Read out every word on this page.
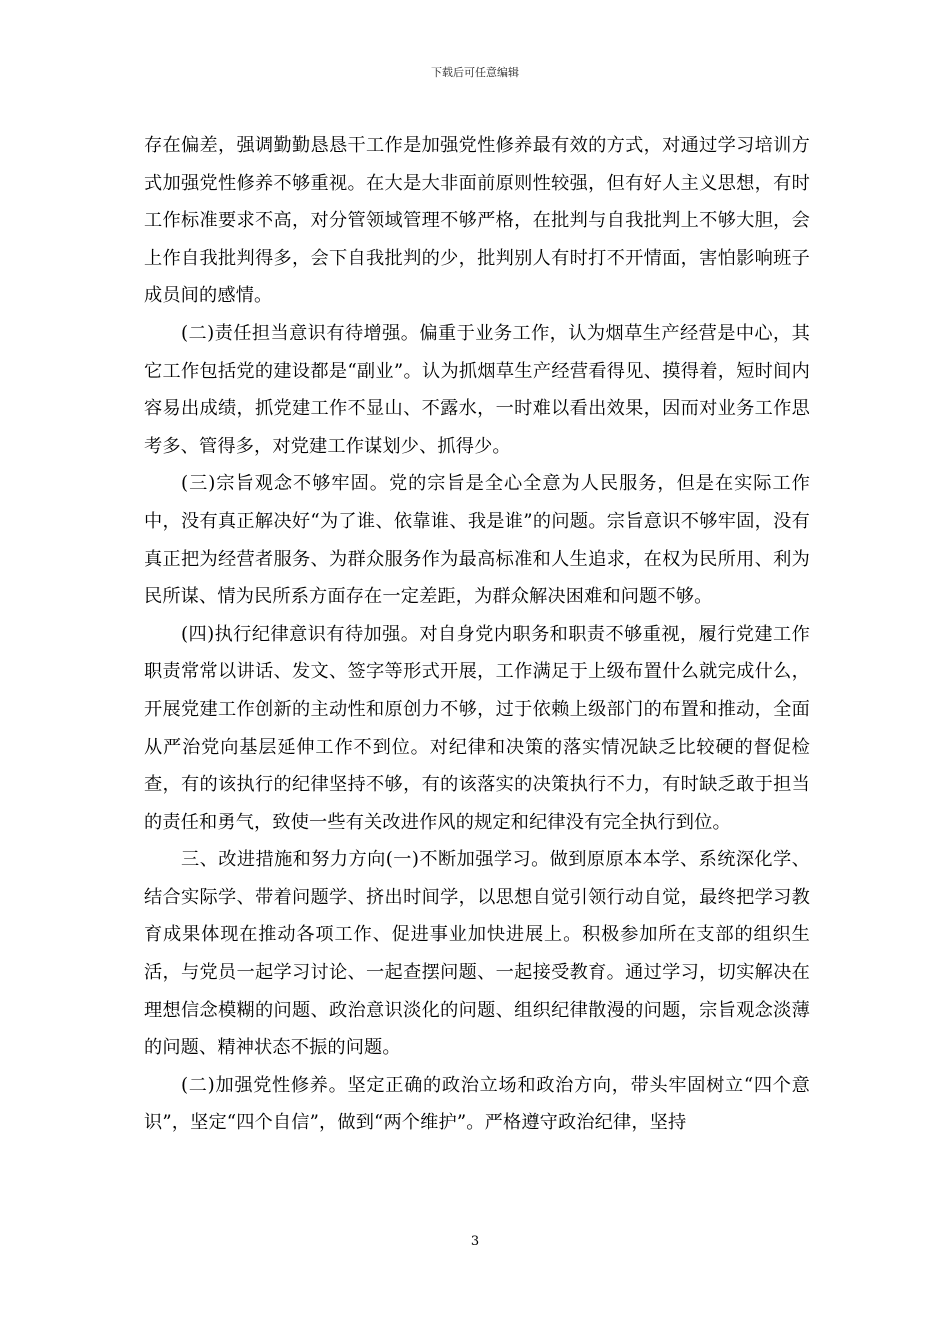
下载后可任意编辑

存在偏差，强调勤勤恳恳干工作是加强党性修养最有效的方式，对通过学习培训方式加强党性修养不够重视。在大是大非面前原则性较强，但有好人主义思想，有时工作标准要求不高，对分管领域管理不够严格，在批判与自我批判上不够大胆，会上作自我批判得多，会下自我批判的少，批判别人有时打不开情面，害怕影响班子成员间的感情。

(二)责任担当意识有待增强。偏重于业务工作，认为烟草生产经营是中心，其它工作包括党的建设都是“副业”。认为抓烟草生产经营看得见、摸得着，短时间内容易出成绩，抓党建工作不显山、不露水，一时难以看出效果，因而对业务工作思考多、管得多，对党建工作谋划少、抓得少。

(三)宗旨观念不够牢固。党的宗旨是全心全意为人民服务，但是在实际工作中，没有真正解决好“为了谁、依靠谁、我是谁”的问题。宗旨意识不够牢固，没有真正把为经营者服务、为群众服务作为最高标准和人生追求，在权为民所用、利为民所谋、情为民所系方面存在一定差距，为群众解决困难和问题不够。

(四)执行纪律意识有待加强。对自身党内职务和职责不够重视，履行党建工作职责常常以讲话、发文、签字等形式开展，工作满足于上级布置什么就完成什么，开展党建工作创新的主动性和原创力不够，过于依赖上级部门的布置和推动，全面从严治党向基层延伸工作不到位。对纪律和决策的落实情况缺乏比较硬的督促检查，有的该执行的纪律坚持不够，有的该落实的决策执行不力，有时缺乏敢于担当的责任和勇气，致使一些有关改进作风的规定和纪律没有完全执行到位。

三、改进措施和努力方向(一)不断加强学习。做到原原本本学、系统深化学、结合实际学、带着问题学、挤出时间学，以思想自觉引领行动自觉，最终把学习教育成果体现在推动各项工作、促进事业加快进展上。积极参加所在支部的组织生活，与党员一起学习讨论、一起查摆问题、一起接受教育。通过学习，切实解决在理想信念模糊的问题、政治意识淡化的问题、组织纪律散漫的问题，宗旨观念淡薄的问题、精神状态不振的问题。

(二)加强党性修养。坚定正确的政治立场和政治方向，带头牢固树立“四个意识”，坚定“四个自信”，做到“两个维护”。严格遵守政治纪律，坚持

3
